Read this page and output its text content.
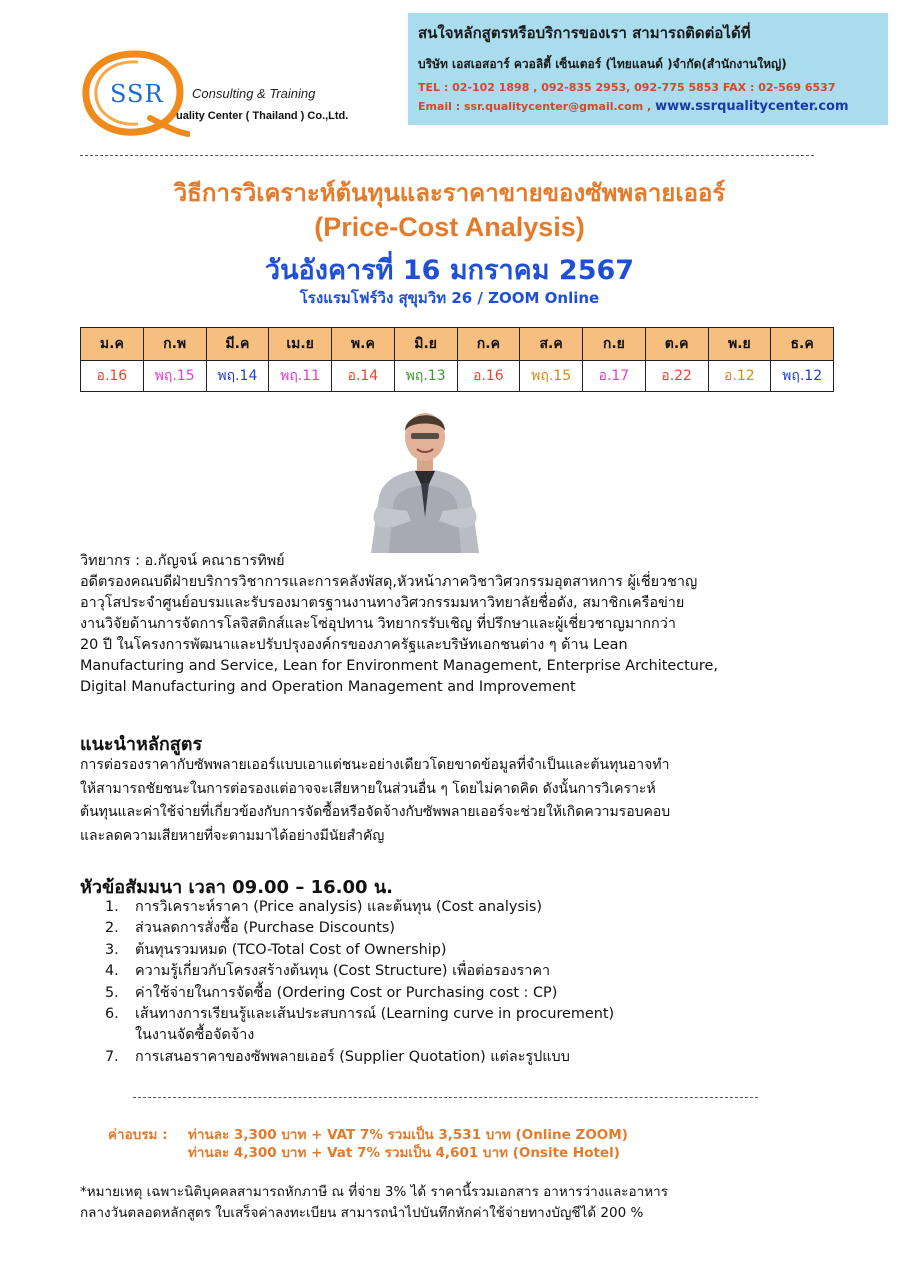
SSR Consulting & Training
uality Center ( Thailand ) Co.,Ltd.
สนใจหลักสูตรหรือบริการของเรา สามารถติดต่อได้ที่
บริษัท เอสเอสอาร์ ควอลิตี้ เซ็นเตอร์ (ไทยแลนด์ )จำกัด(สำนักงานใหญ่)
TEL : 02-102 1898 , 092-835 2953, 092-775 5853 FAX : 02-569 6537
Email : ssr.qualitycenter@gmail.com , www.ssrqualitycenter.com
วิธีการวิเคราะห์ต้นทุนและราคาขายของซัพพลายเออร์
(Price-Cost Analysis)
วันอังคารที่ 16 มกราคม 2567
โรงแรมโฟร์วิง สุขุมวิท 26 / ZOOM Online
ม.ค	ก.พ	มี.ค	เม.ย	พ.ค	มิ.ย	ก.ค	ส.ค	ก.ย	ต.ค	พ.ย	ธ.ค
อ.16	พฤ.15	พฤ.14	พฤ.11	อ.14	พฤ.13	อ.16	พฤ.15	อ.17	อ.22	อ.12	พฤ.12

วิทยากร : อ.กัญจน์ คณาธารทิพย์

อดีตรองคณบดีฝ่ายบริการวิชาการและการคลังพัสดุ,หัวหน้าภาควิชาวิศวกรรมอุตสาหการ ผู้เชี่ยวชาญ

อาวุโสประจำศูนย์อบรมและรับรองมาตรฐานงานทางวิศวกรรมมหาวิทยาลัยชื่อดัง, สมาชิกเครือข่าย

งานวิจัยด้านการจัดการโลจิสติกส์และโซ่อุปทาน วิทยากรรับเชิญ ที่ปรึกษาและผู้เชี่ยวชาญมากกว่า

20 ปี ในโครงการพัฒนาและปรับปรุงองค์กรของภาครัฐและบริษัทเอกชนต่าง ๆ ด้าน Lean

Manufacturing and Service, Lean for Environment Management, Enterprise Architecture,

Digital Manufacturing and Operation Management and Improvement

แนะนำหลักสูตร

การต่อรองราคากับซัพพลายเออร์แบบเอาแต่ชนะอย่างเดียวโดยขาดข้อมูลที่จำเป็นและต้นทุนอาจทำ

ให้สามารถชัยชนะในการต่อรองแต่อาจจะเสียหายในส่วนอื่น ๆ โดยไม่คาดคิด ดังนั้นการวิเคราะห์

ต้นทุนและค่าใช้จ่ายที่เกี่ยวข้องกับการจัดซื้อหรือจัดจ้างกับซัพพลายเออร์จะช่วยให้เกิดความรอบคอบ

และลดความเสียหายที่จะตามมาได้อย่างมีนัยสำคัญ

หัวข้อสัมมนา เวลา 09.00 – 16.00 น.
1. การวิเคราะห์ราคา (Price analysis) และต้นทุน (Cost analysis)
2. ส่วนลดการสั่งซื้อ (Purchase Discounts)
3. ต้นทุนรวมหมด (TCO-Total Cost of Ownership)
4. ความรู้เกี่ยวกับโครงสร้างต้นทุน (Cost Structure) เพื่อต่อรองราคา
5. ค่าใช้จ่ายในการจัดซื้อ (Ordering Cost or Purchasing cost : CP)
6. เส้นทางการเรียนรู้และเส้นประสบการณ์ (Learning curve in procurement)
ในงานจัดซื้อจัดจ้าง
7. การเสนอราคาของซัพพลายเออร์ (Supplier Quotation) แต่ละรูปแบบ
ค่าอบรม :	ท่านละ 3,300 บาท + VAT 7% รวมเป็น 3,531 บาท (Online ZOOM)
ท่านละ 4,300 บาท + Vat 7% รวมเป็น 4,601 บาท (Onsite Hotel)

*หมายเหตุ เฉพาะนิติบุคคลสามารถหักภาษี ณ ที่จ่าย 3% ได้ ราคานี้รวมเอกสาร อาหารว่างและอาหาร

กลางวันตลอดหลักสูตร ใบเสร็จค่าลงทะเบียน สามารถนำไปบันทึกหักค่าใช้จ่ายทางบัญชีได้ 200 %
